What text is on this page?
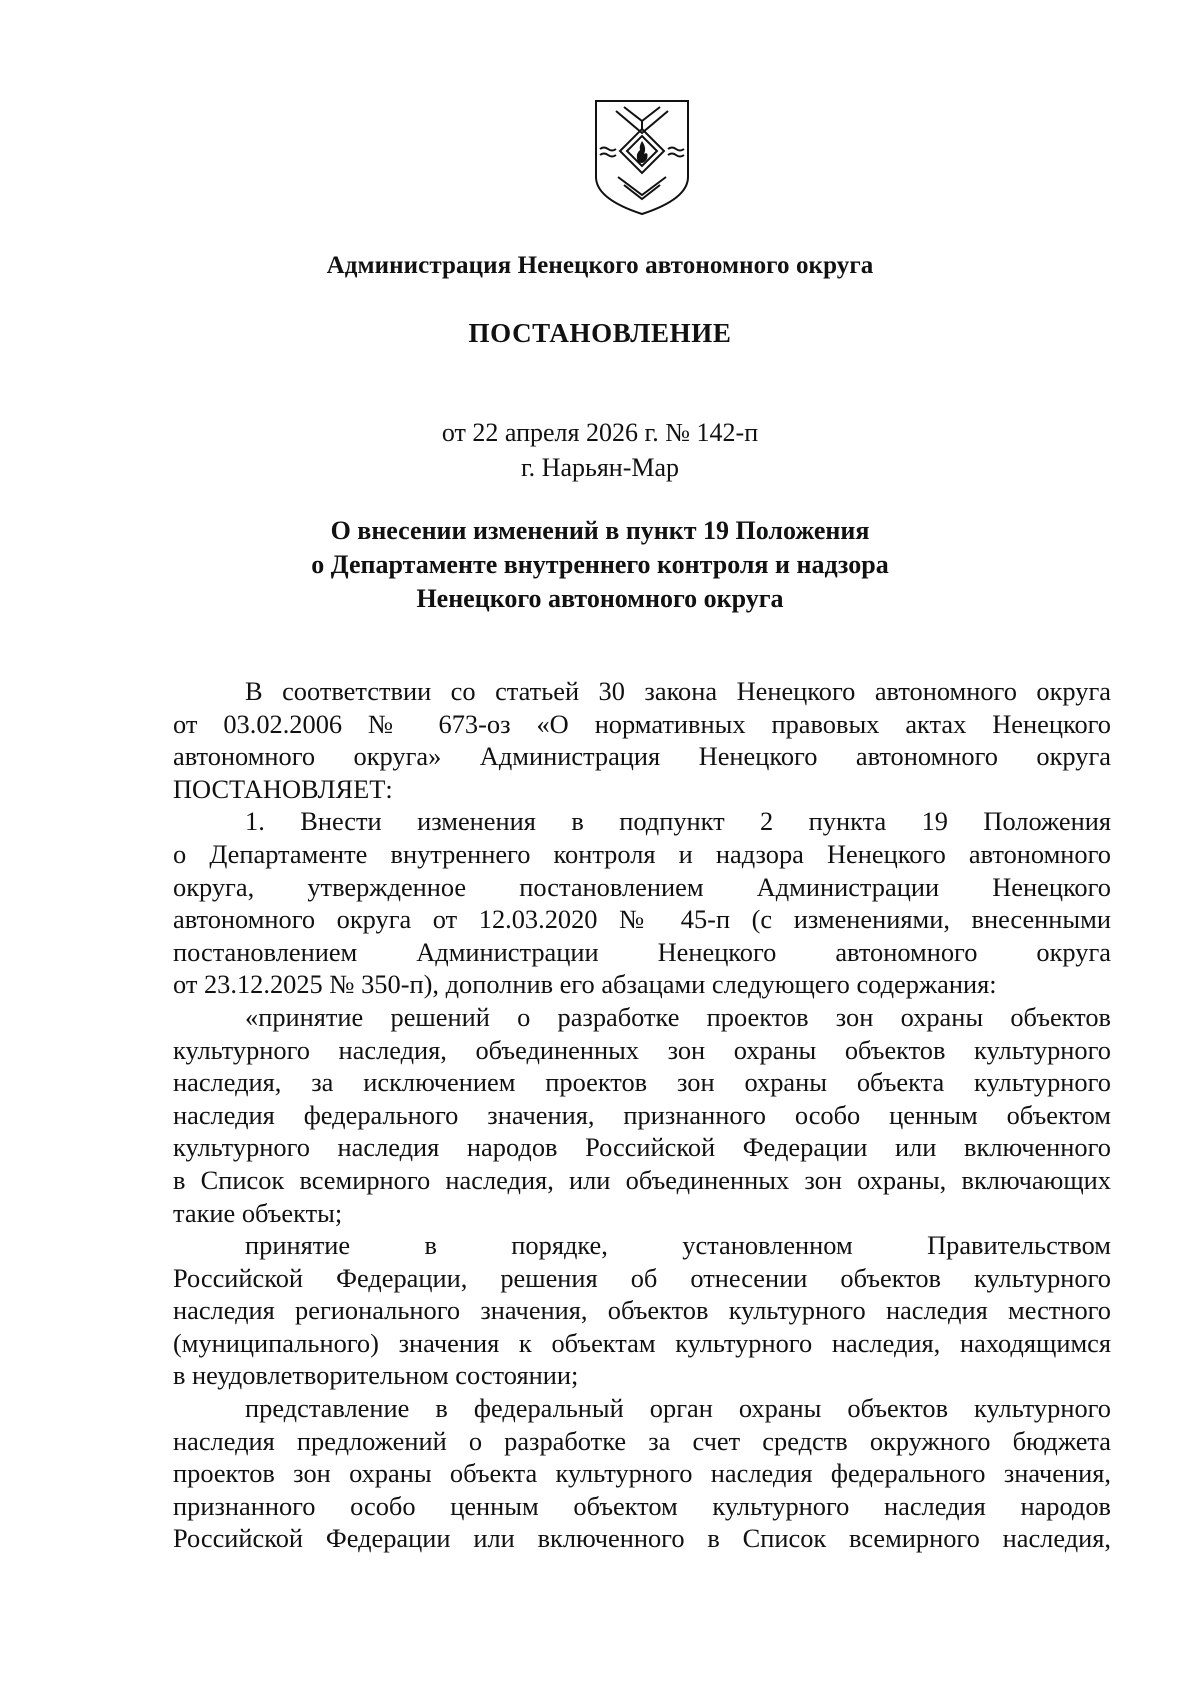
Администрация Ненецкого автономного округа
ПОСТАНОВЛЕНИЕ
от 22 апреля 2026 г. № 142-п
г. Нарьян-Мар
О внесении изменений в пункт 19 Положения
о Департаменте внутреннего контроля и надзора
Ненецкого автономного округа
В соответствии со статьей 30 закона Ненецкого автономного округа
от 03.02.2006 № 673-оз «О нормативных правовых актах Ненецкого
автономного округа» Администрация Ненецкого автономного округа
ПОСТАНОВЛЯЕТ:
1. Внести изменения в подпункт 2 пункта 19 Положения
о Департаменте внутреннего контроля и надзора Ненецкого автономного
округа, утвержденное постановлением Администрации Ненецкого
автономного округа от 12.03.2020 № 45-п (с изменениями, внесенными
постановлением Администрации Ненецкого автономного округа
от 23.12.2025 № 350-п), дополнив его абзацами следующего содержания:
«принятие решений о разработке проектов зон охраны объектов
культурного наследия, объединенных зон охраны объектов культурного
наследия, за исключением проектов зон охраны объекта культурного
наследия федерального значения, признанного особо ценным объектом
культурного наследия народов Российской Федерации или включенного
в Список всемирного наследия, или объединенных зон охраны, включающих
такие объекты;
принятие в порядке, установленном Правительством
Российской Федерации, решения об отнесении объектов культурного
наследия регионального значения, объектов культурного наследия местного
(муниципального) значения к объектам культурного наследия, находящимся
в неудовлетворительном состоянии;
представление в федеральный орган охраны объектов культурного
наследия предложений о разработке за счет средств окружного бюджета
проектов зон охраны объекта культурного наследия федерального значения,
признанного особо ценным объектом культурного наследия народов
Российской Федерации или включенного в Список всемирного наследия,
